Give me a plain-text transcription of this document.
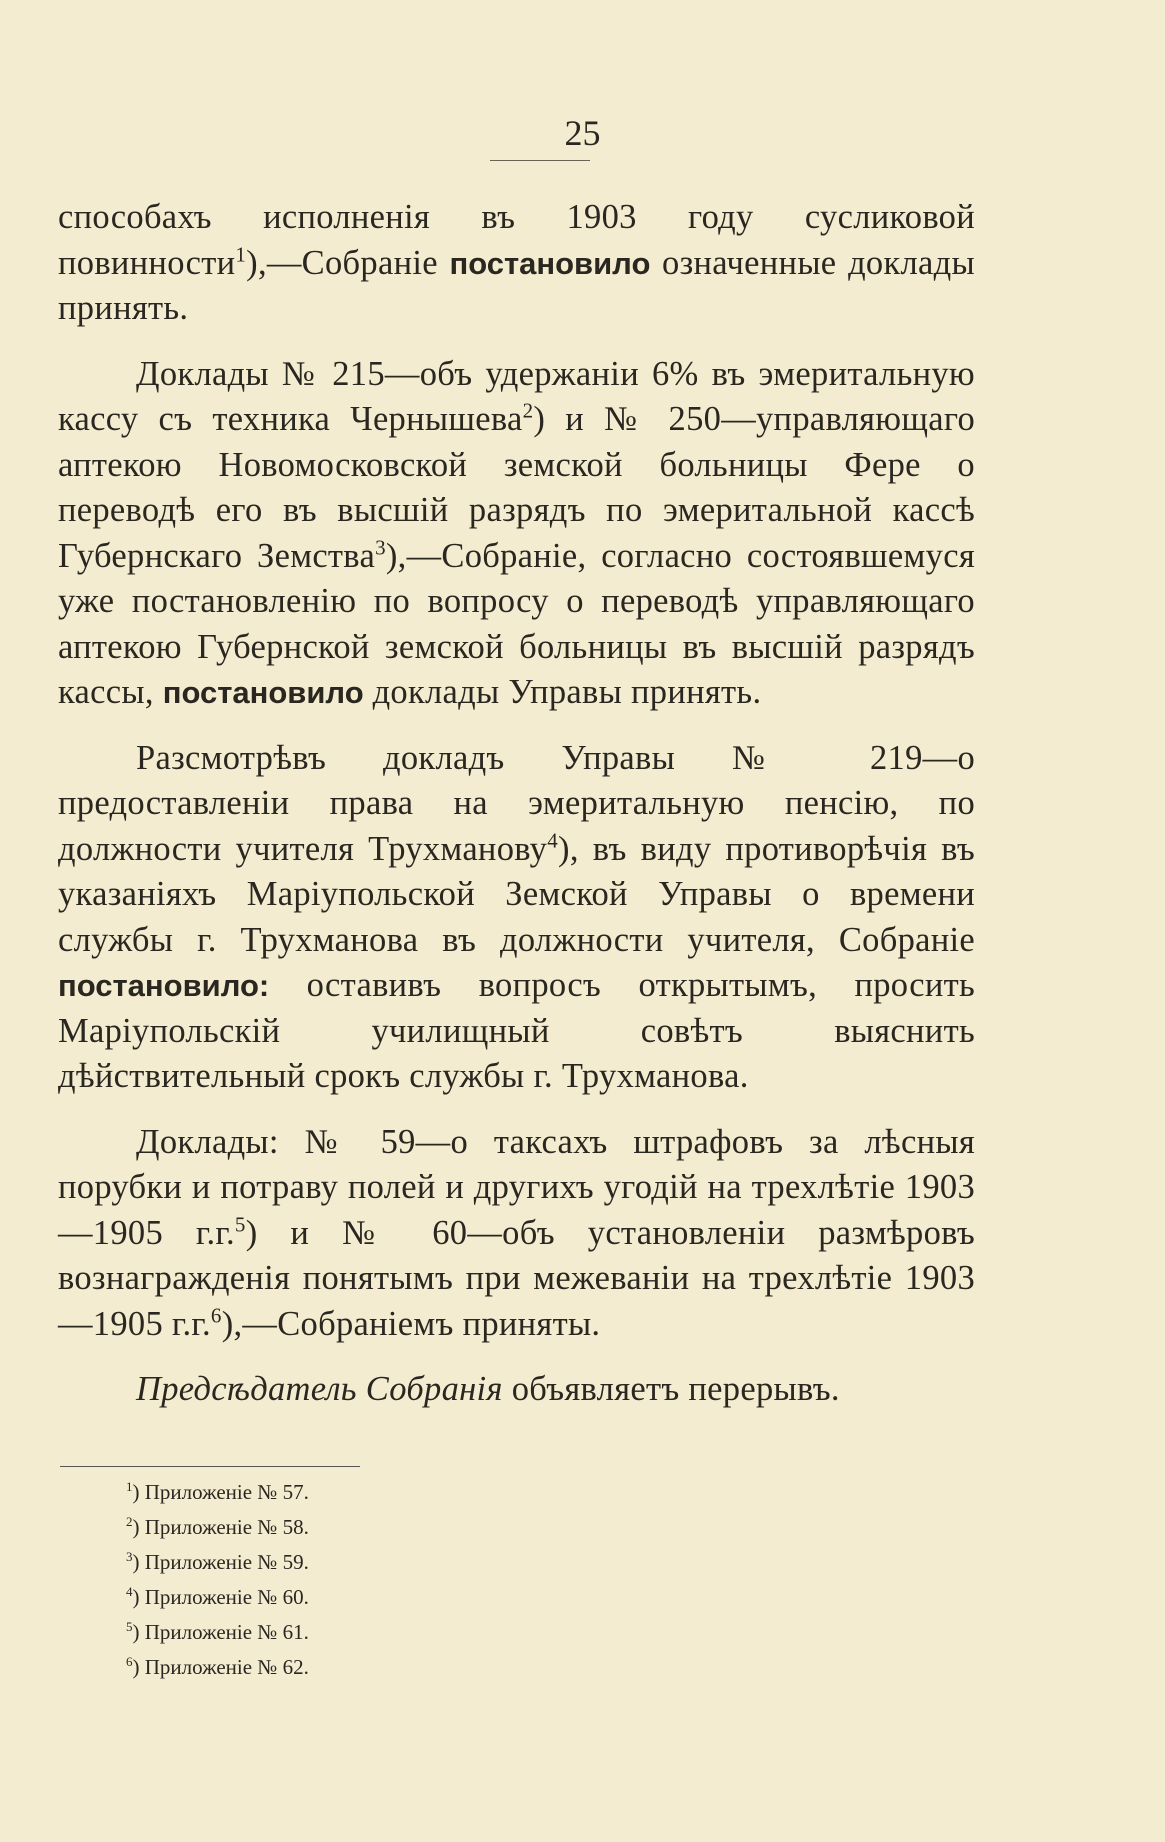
25

способахъ исполненія въ 1903 году сусликовой повинности$^1$),—Собраніе постановило означенные доклады принять.

Доклады № 215—объ удержаніи 6% въ эмеритальную кассу съ техника Чернышева$^2$) и № 250—управляющаго аптекою Новомосковской земской больницы Фере о переводѣ его въ высшій разрядъ по эмеритальной кассѣ Губернскаго Земства$^3$),—Собраніе, согласно состоявшемуся уже постановленію по вопросу о переводѣ управляющаго аптекою Губернской земской больницы въ высшій разрядъ кассы, постановило доклады Управы принять.

Разсмотрѣвъ докладъ Управы № 219—о предоставленіи права на эмеритальную пенсію, по должности учителя Трухманову$^4$), въ виду противорѣчія въ указаніяхъ Маріупольской Земской Управы о времени службы г. Трухманова въ должности учителя, Собраніе постановило: оставивъ вопросъ открытымъ, просить Маріупольскій училищный совѣтъ выяснить дѣйствительный срокъ службы г. Трухманова.

Доклады: № 59—о таксахъ штрафовъ за лѣсныя порубки и потраву полей и другихъ угодій на трехлѣтіе 1903—1905 г.г.$^5$) и № 60—объ установленіи размѣровъ вознагражденія понятымъ при межеваніи на трехлѣтіе 1903—1905 г.г.$^6$),—Собраніемъ приняты.

Предсѣдатель Собранія объявляетъ перерывъ.

$^1$) Приложеніе № 57.
$^2$) Приложеніе № 58.
$^3$) Приложеніе № 59.
$^4$) Приложеніе № 60.
$^5$) Приложеніе № 61.
$^6$) Приложеніе № 62.
